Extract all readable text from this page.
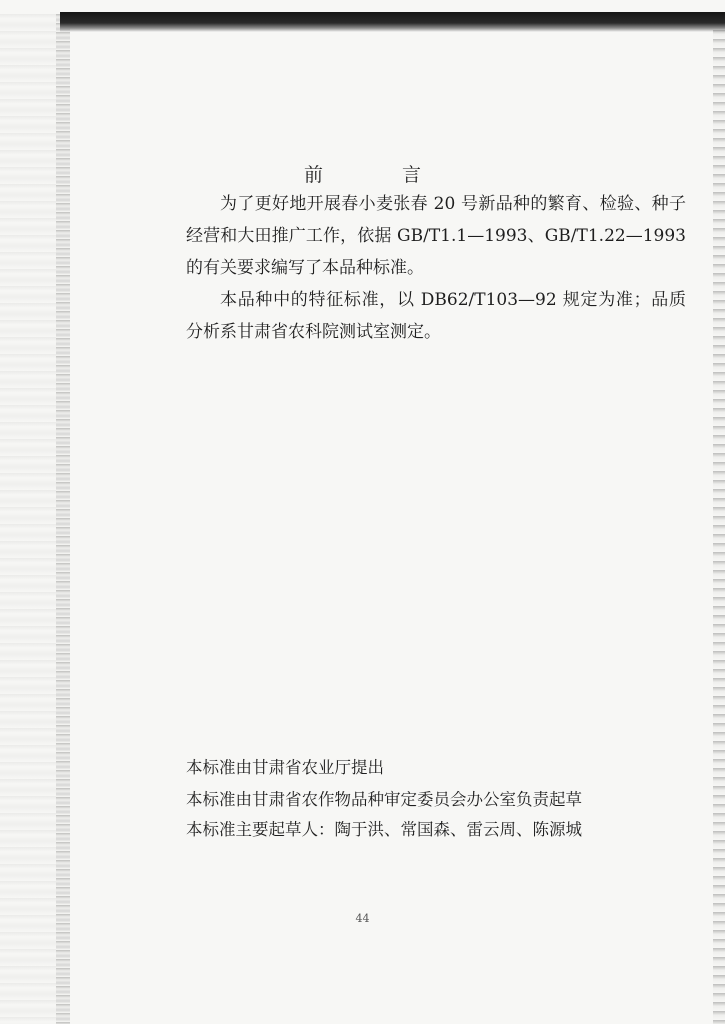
前　言

为了更好地开展春小麦张春 20 号新品种的繁育、检验、种子经营和大田推广工作，依据 GB/T1.1—1993、GB/T1.22—1993 的有关要求编写了本品种标准。

本品种中的特征标准，以 DB62/T103—92 规定为准；品质分析系甘肃省农科院测试室测定。

本标准由甘肃省农业厅提出

本标准由甘肃省农作物品种审定委员会办公室负责起草

本标准主要起草人：陶于洪、常国森、雷云周、陈源城

44
